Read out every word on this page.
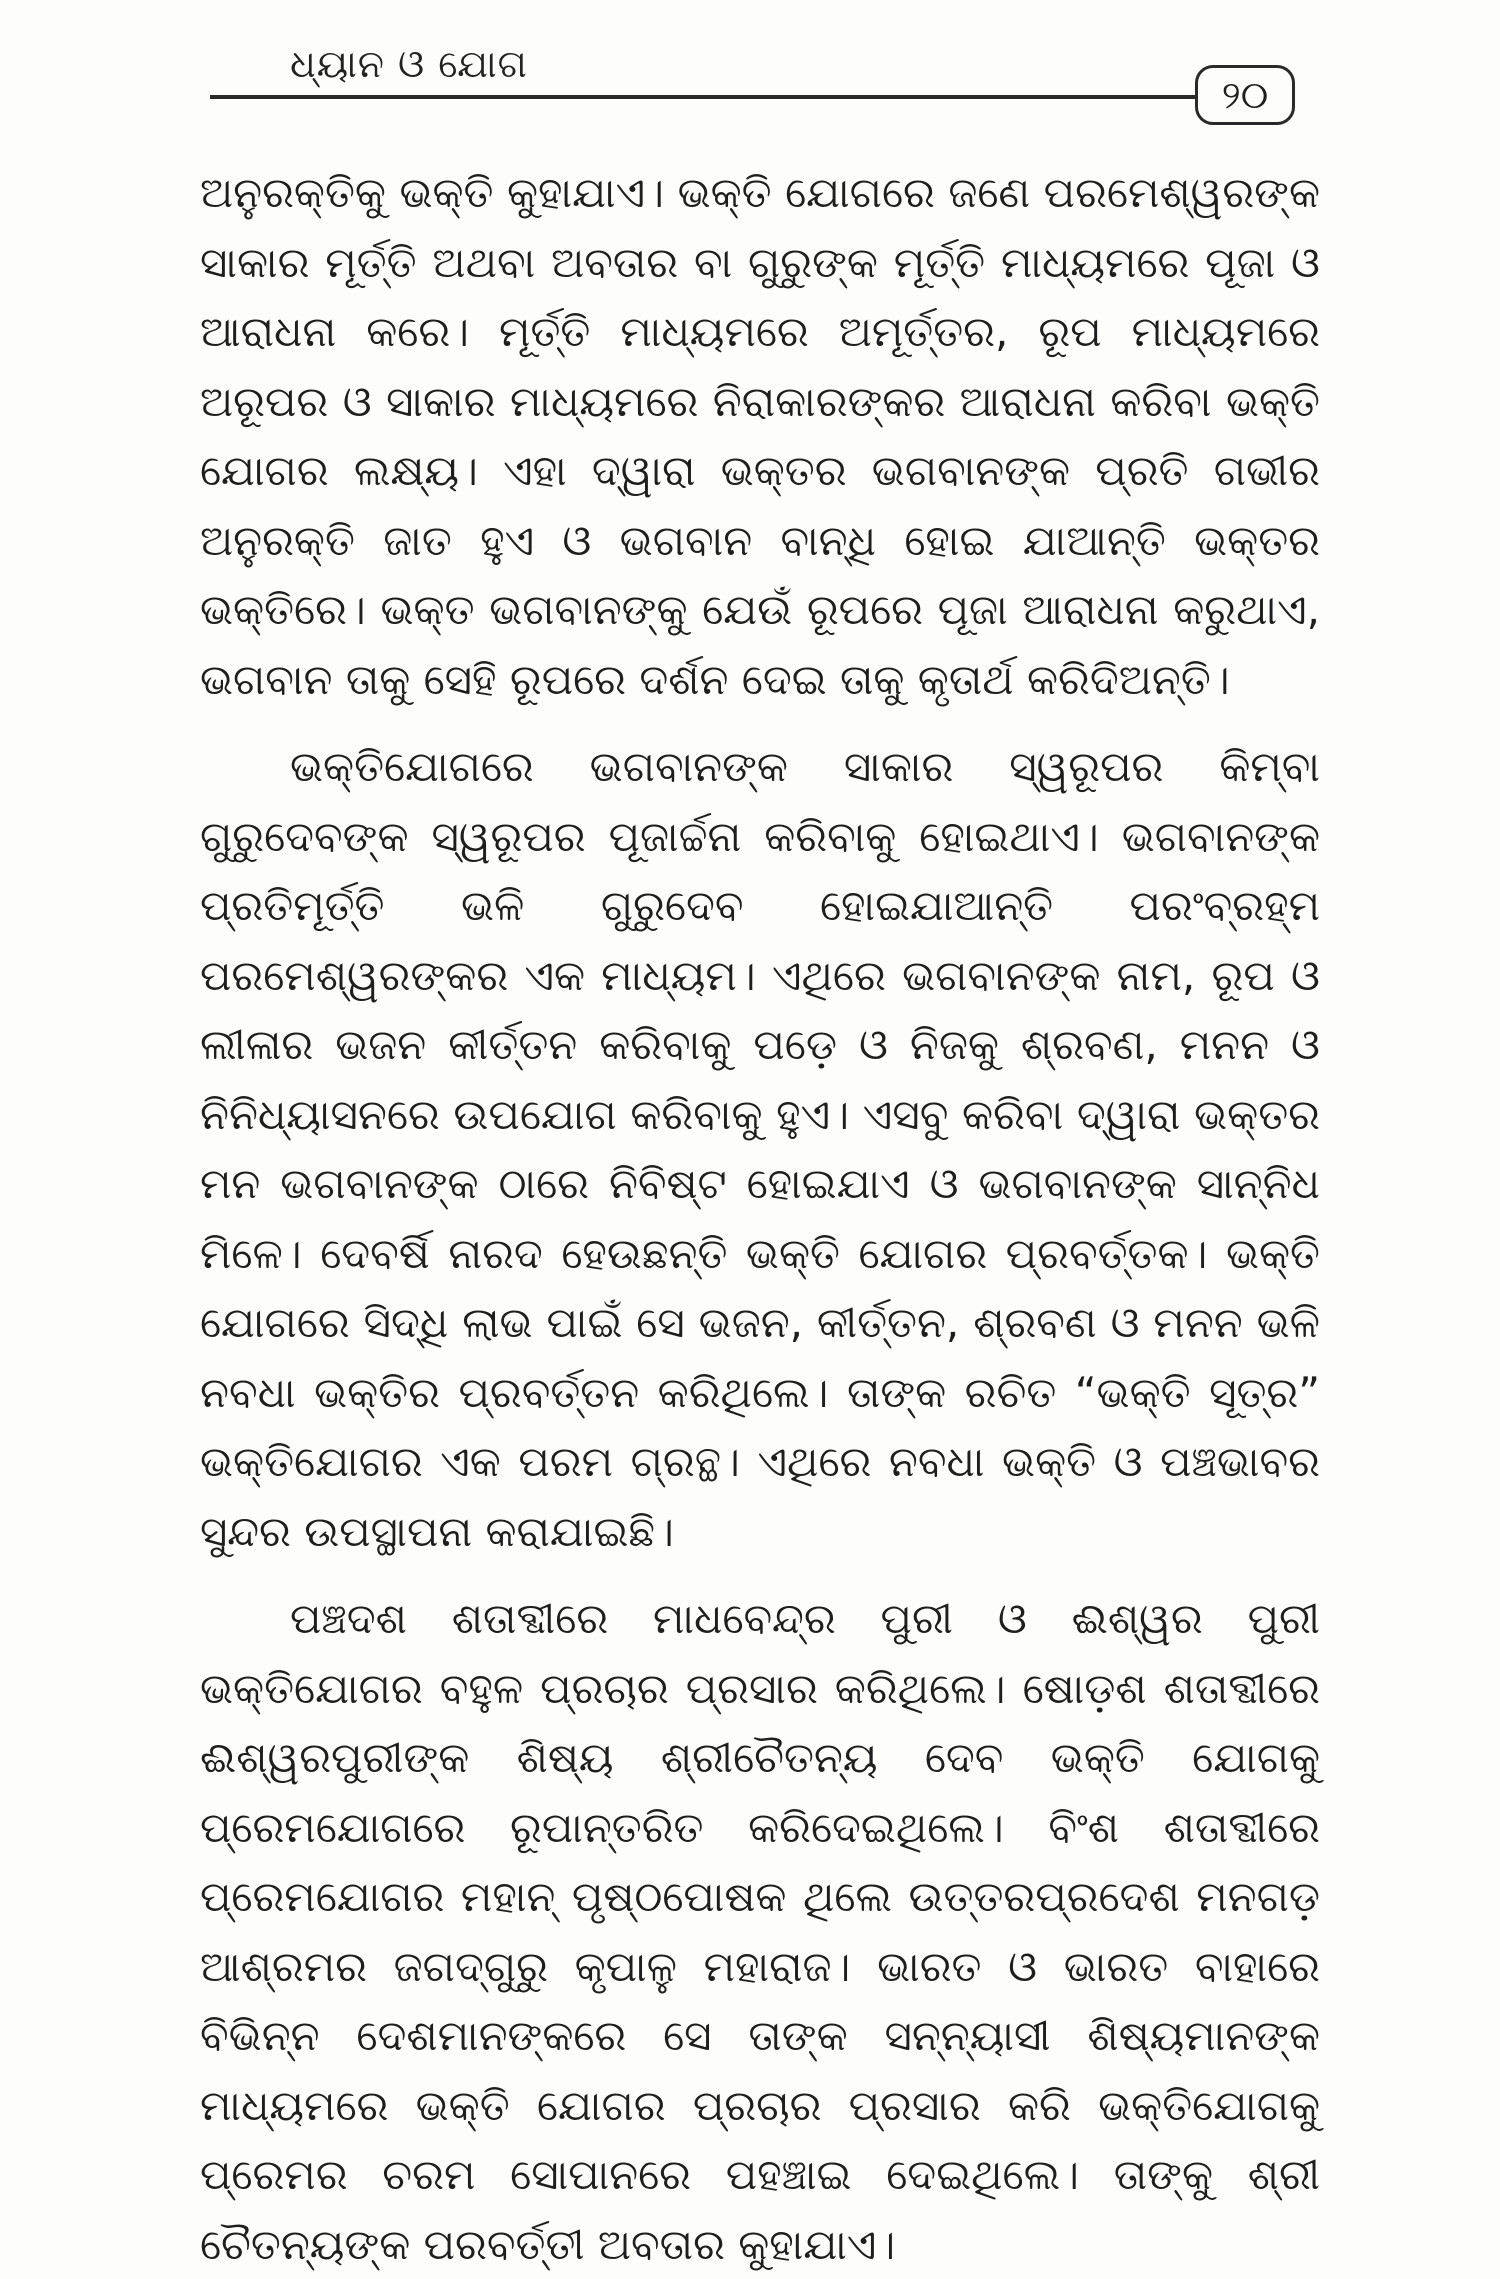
ଧ୍ୟାନ ଓ ଯୋଗ
୨୦

ଅନୁରକ୍ତିକୁ ଭକ୍ତି କୁହାଯାଏ। ଭକ୍ତି ଯୋଗରେ ଜଣେ ପରମେଶ୍ୱରଙ୍କ ସାକାର ମୂର୍ତ୍ତି ଅଥବା ଅବତାର ବା ଗୁରୁଙ୍କ ମୂର୍ତ୍ତି ମାଧ୍ୟମରେ ପୂଜା ଓ ଆରାଧନା କରେ। ମୂର୍ତ୍ତି ମାଧ୍ୟମରେ ଅମୂର୍ତ୍ତର, ରୂପ ମାଧ୍ୟମରେ ଅରୂପର ଓ ସାକାର ମାଧ୍ୟମରେ ନିରାକାରଙ୍କର ଆରାଧନା କରିବା ଭକ୍ତି ଯୋଗର ଲକ୍ଷ୍ୟ। ଏହା ଦ୍ୱାରା ଭକ୍ତର ଭଗବାନଙ୍କ ପ୍ରତି ଗଭୀର ଅନୁରକ୍ତି ଜାତ ହୁଏ ଓ ଭଗବାନ ବାନ୍ଧି ହୋଇ ଯାଆନ୍ତି ଭକ୍ତର ଭକ୍ତିରେ। ଭକ୍ତ ଭଗବାନଙ୍କୁ ଯେଉଁ ରୂପରେ ପୂଜା ଆରାଧନା କରୁଥାଏ, ଭଗବାନ ତାକୁ ସେହି ରୂପରେ ଦର୍ଶନ ଦେଇ ତାକୁ କୃତାର୍ଥ କରିଦିଅନ୍ତି।

ଭକ୍ତିଯୋଗରେ ଭଗବାନଙ୍କ ସାକାର ସ୍ୱରୂପର କିମ୍ବା ଗୁରୁଦେବଙ୍କ ସ୍ୱରୂପର ପୂଜାର୍ଚ୍ଚନା କରିବାକୁ ହୋଇଥାଏ। ଭଗବାନଙ୍କ ପ୍ରତିମୂର୍ତ୍ତି ଭଳି ଗୁରୁଦେବ ହୋଇଯାଆନ୍ତି ପରଂବ୍ରହ୍ମ ପରମେଶ୍ୱରଙ୍କର ଏକ ମାଧ୍ୟମ। ଏଥିରେ ଭଗବାନଙ୍କ ନାମ, ରୂପ ଓ ଲୀଳାର ଭଜନ କୀର୍ତ୍ତନ କରିବାକୁ ପଡ଼େ ଓ ନିଜକୁ ଶ୍ରବଣ, ମନନ ଓ ନିନିଧ୍ୟାସନରେ ଉପଯୋଗ କରିବାକୁ ହୁଏ। ଏସବୁ କରିବା ଦ୍ୱାରା ଭକ୍ତର ମନ ଭଗବାନଙ୍କ ଠାରେ ନିବିଷ୍ଟ ହୋଇଯାଏ ଓ ଭଗବାନଙ୍କ ସାନ୍ନିଧ ମିଳେ। ଦେବର୍ଷି ନାରଦ ହେଉଛନ୍ତି ଭକ୍ତି ଯୋଗର ପ୍ରବର୍ତ୍ତକ। ଭକ୍ତି ଯୋଗରେ ସିଦ୍ଧି ଲାଭ ପାଇଁ ସେ ଭଜନ, କୀର୍ତ୍ତନ, ଶ୍ରବଣ ଓ ମନନ ଭଳି ନବଧା ଭକ୍ତିର ପ୍ରବର୍ତ୍ତନ କରିଥିଲେ। ତାଙ୍କ ରଚିତ “ଭକ୍ତି ସୂତ୍ର” ଭକ୍ତିଯୋଗର ଏକ ପରମ ଗ୍ରନ୍ଥ। ଏଥିରେ ନବଧା ଭକ୍ତି ଓ ପଞ୍ଚଭାବର ସୁନ୍ଦର ଉପସ୍ଥାପନା କରାଯାଇଛି।

ପଞ୍ଚଦଶ ଶତାବ୍ଦୀରେ ମାଧବେନ୍ଦ୍ର ପୁରୀ ଓ ଈଶ୍ୱର ପୁରୀ ଭକ୍ତିଯୋଗର ବହୁଳ ପ୍ରଚାର ପ୍ରସାର କରିଥିଲେ। ଷୋଡ଼ଶ ଶତାବ୍ଦୀରେ ଈଶ୍ୱରପୁରୀଙ୍କ ଶିଷ୍ୟ ଶ୍ରୀଚୈତନ୍ୟ ଦେବ ଭକ୍ତି ଯୋଗକୁ ପ୍ରେମଯୋଗରେ ରୂପାନ୍ତରିତ କରିଦେଇଥିଲେ। ବିଂଶ ଶତାବ୍ଦୀରେ ପ୍ରେମଯୋଗର ମହାନ୍ ପୃଷ୍ଠପୋଷକ ଥିଲେ ଉତ୍ତରପ୍ରଦେଶ ମନଗଡ଼ ଆଶ୍ରମର ଜଗଦ୍‌ଗୁରୁ କୃପାଳୁ ମହାରାଜ। ଭାରତ ଓ ଭାରତ ବାହାରେ ବିଭିନ୍ନ ଦେଶମାନଙ୍କରେ ସେ ତାଙ୍କ ସନ୍ନ୍ୟାସୀ ଶିଷ୍ୟମାନଙ୍କ ମାଧ୍ୟମରେ ଭକ୍ତି ଯୋଗର ପ୍ରଚାର ପ୍ରସାର କରି ଭକ୍ତିଯୋଗକୁ ପ୍ରେମର ଚରମ ସୋପାନରେ ପହଞ୍ଚାଇ ଦେଇଥିଲେ। ତାଙ୍କୁ ଶ୍ରୀ ଚୈତନ୍ୟଙ୍କ ପରବର୍ତ୍ତୀ ଅବତାର କୁହାଯାଏ।
